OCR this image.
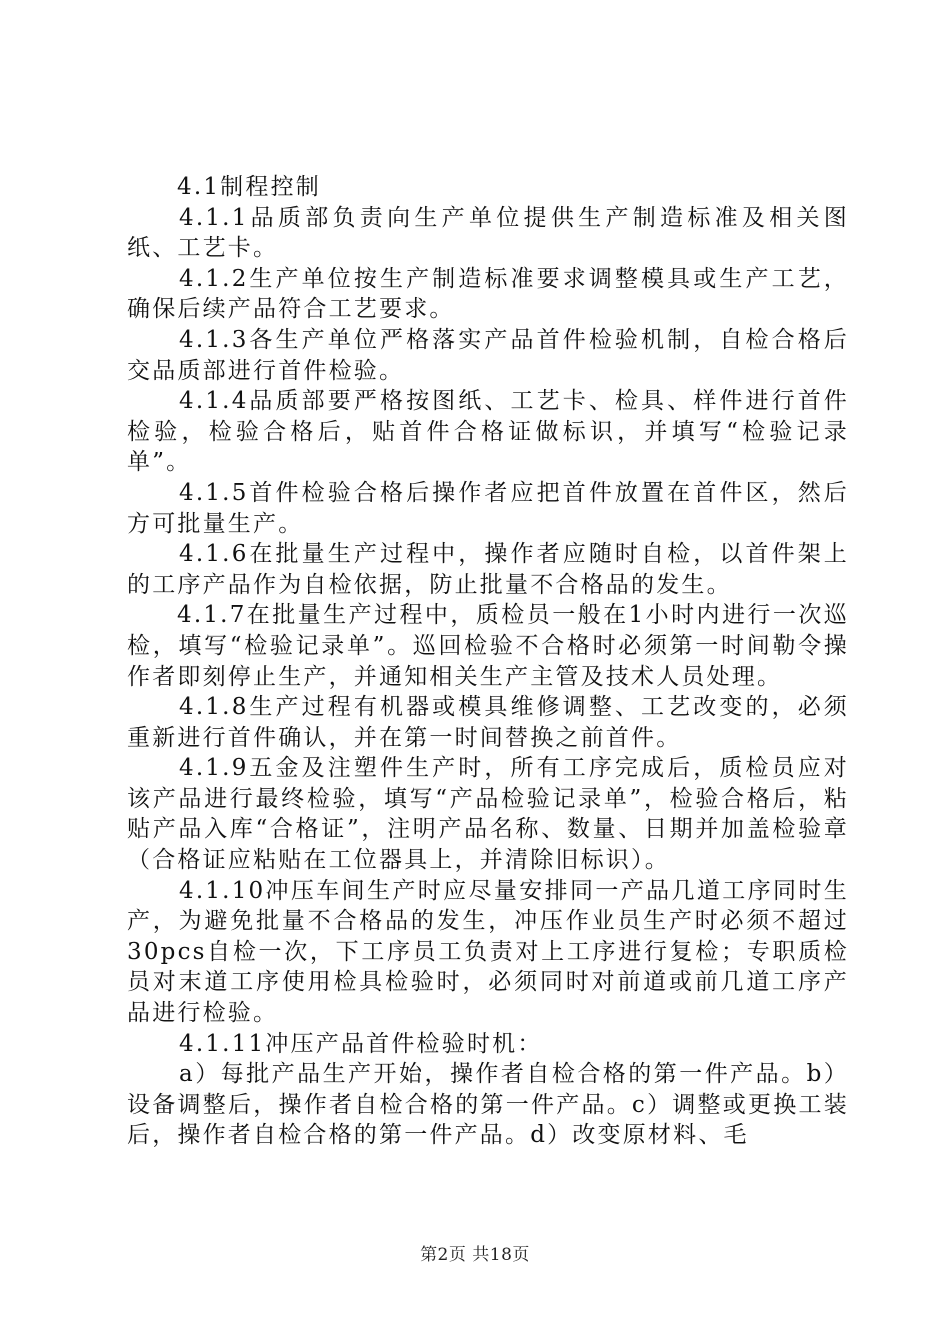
4.1制程控制

4.1.1品质部负责向生产单位提供生产制造标准及相关图纸、工艺卡。

4.1.2生产单位按生产制造标准要求调整模具或生产工艺，确保后续产品符合工艺要求。

4.1.3各生产单位严格落实产品首件检验机制，自检合格后交品质部进行首件检验。

4.1.4品质部要严格按图纸、工艺卡、检具、样件进行首件检验，检验合格后，贴首件合格证做标识，并填写“检验记录单”。

4.1.5首件检验合格后操作者应把首件放置在首件区，然后方可批量生产。

4.1.6在批量生产过程中，操作者应随时自检，以首件架上的工序产品作为自检依据，防止批量不合格品的发生。

4.1.7在批量生产过程中，质检员一般在1小时内进行一次巡检，填写“检验记录单”。巡回检验不合格时必须第一时间勒令操作者即刻停止生产，并通知相关生产主管及技术人员处理。

4.1.8生产过程有机器或模具维修调整、工艺改变的，必须重新进行首件确认，并在第一时间替换之前首件。

4.1.9五金及注塑件生产时，所有工序完成后，质检员应对该产品进行最终检验，填写“产品检验记录单”，检验合格后，粘贴产品入库“合格证”，注明产品名称、数量、日期并加盖检验章（合格证应粘贴在工位器具上，并清除旧标识）。

4.1.10冲压车间生产时应尽量安排同一产品几道工序同时生产，为避免批量不合格品的发生，冲压作业员生产时必须不超过30pcs自检一次，下工序员工负责对上工序进行复检；专职质检员对末道工序使用检具检验时，必须同时对前道或前几道工序产品进行检验。

4.1.11冲压产品首件检验时机：

a）每批产品生产开始，操作者自检合格的第一件产品。b）设备调整后，操作者自检合格的第一件产品。c）调整或更换工装后，操作者自检合格的第一件产品。d）改变原材料、毛

第2页 共18页
